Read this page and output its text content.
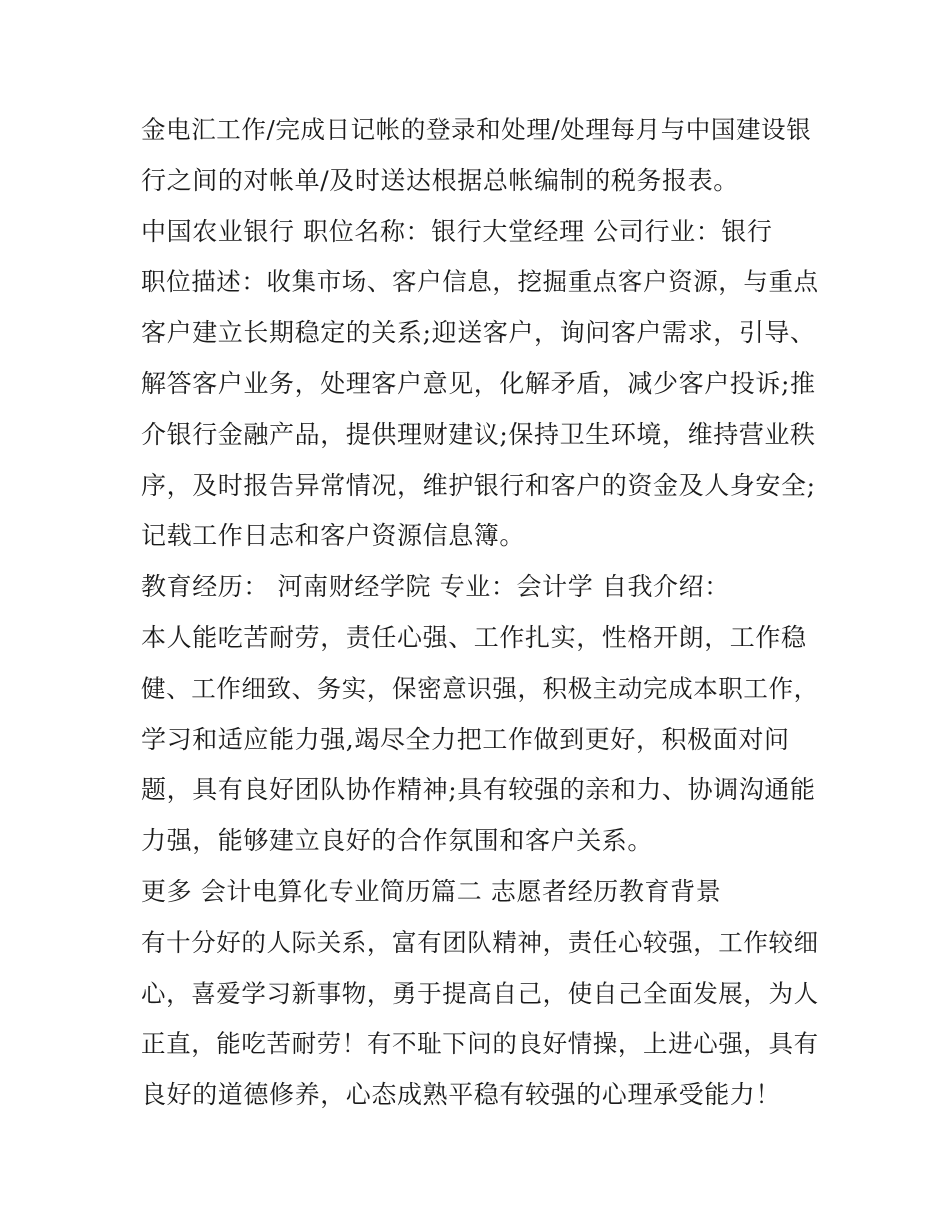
金电汇工作/完成日记帐的登录和处理/处理每月与中国建设银
行之间的对帐单/及时送达根据总帐编制的税务报表。
中国农业银行 职位名称：银行大堂经理 公司行业：银行
职位描述：收集市场、客户信息，挖掘重点客户资源，与重点
客户建立长期稳定的关系;迎送客户，询问客户需求，引导、
解答客户业务，处理客户意见，化解矛盾，减少客户投诉;推
介银行金融产品，提供理财建议;保持卫生环境，维持营业秩
序，及时报告异常情况，维护银行和客户的资金及人身安全;
记载工作日志和客户资源信息簿。
教育经历： 河南财经学院 专业：会计学 自我介绍：
本人能吃苦耐劳，责任心强、工作扎实，性格开朗，工作稳
健、工作细致、务实，保密意识强，积极主动完成本职工作，
学习和适应能力强,竭尽全力把工作做到更好，积极面对问
题，具有良好团队协作精神;具有较强的亲和力、协调沟通能
力强，能够建立良好的合作氛围和客户关系。
更多 会计电算化专业简历篇二 志愿者经历教育背景
有十分好的人际关系，富有团队精神，责任心较强，工作较细
心，喜爱学习新事物，勇于提高自己，使自己全面发展，为人
正直，能吃苦耐劳！有不耻下问的良好情操，上进心强，具有
良好的道德修养，心态成熟平稳有较强的心理承受能力！
